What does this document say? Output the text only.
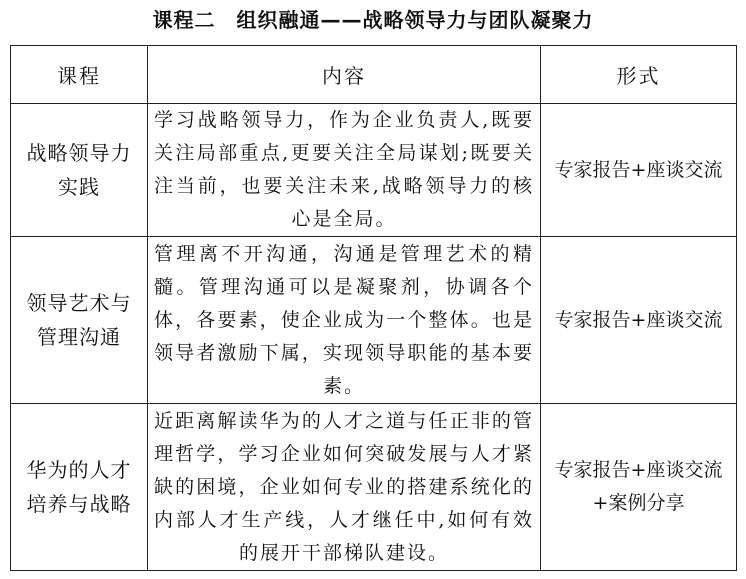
课程二　组织融通——战略领导力与团队凝聚力
课程	内容	形式

战略领导力
实践	学习战略领导力，作为企业负责人,既要关注局部重点,更要关注全局谋划;既要关注当前，也要关注未来,战略领导力的核心是全局。	专家报告+座谈交流

领导艺术与
管理沟通	管理离不开沟通，沟通是管理艺术的精髓。管理沟通可以是凝聚剂，协调各个体，各要素，使企业成为一个整体。也是领导者激励下属，实现领导职能的基本要素。	专家报告+座谈交流

华为的人才
培养与战略	近距离解读华为的人才之道与任正非的管理哲学，学习企业如何突破发展与人才紧缺的困境，企业如何专业的搭建系统化的内部人才生产线，人才继任中,如何有效的展开干部梯队建设。	专家报告+座谈交流
+案例分享
